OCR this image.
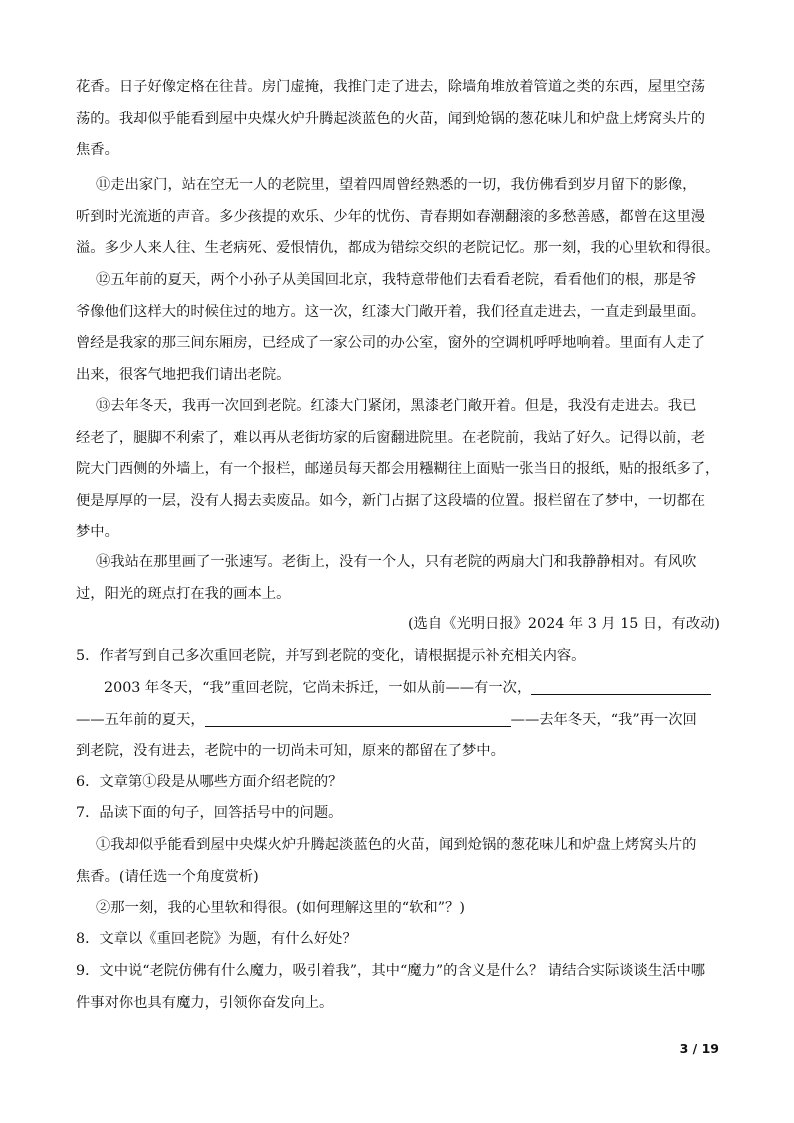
花香。日子好像定格在往昔。房门虚掩，我推门走了进去，除墙角堆放着管道之类的东西，屋里空荡
荡的。我却似乎能看到屋中央煤火炉升腾起淡蓝色的火苗，闻到炝锅的葱花味儿和炉盘上烤窝头片的
焦香。
⑪走出家门，站在空无一人的老院里，望着四周曾经熟悉的一切，我仿佛看到岁月留下的影像，
听到时光流逝的声音。多少孩提的欢乐、少年的忧伤、青春期如春潮翻滚的多愁善感，都曾在这里漫
溢。多少人来人往、生老病死、爱恨情仇，都成为错综交织的老院记忆。那一刻，我的心里软和得很。
⑫五年前的夏天，两个小孙子从美国回北京，我特意带他们去看看老院，看看他们的根，那是爷
爷像他们这样大的时候住过的地方。这一次，红漆大门敞开着，我们径直走进去，一直走到最里面。
曾经是我家的那三间东厢房，已经成了一家公司的办公室，窗外的空调机呼呼地响着。里面有人走了
出来，很客气地把我们请出老院。
⑬去年冬天，我再一次回到老院。红漆大门紧闭，黑漆老门敞开着。但是，我没有走进去。我已
经老了，腿脚不利索了，难以再从老街坊家的后窗翻进院里。在老院前，我站了好久。记得以前，老
院大门西侧的外墙上，有一个报栏，邮递员每天都会用糨糊往上面贴一张当日的报纸，贴的报纸多了，
便是厚厚的一层，没有人揭去卖废品。如今，新门占据了这段墙的位置。报栏留在了梦中，一切都在
梦中。
⑭我站在那里画了一张速写。老街上，没有一个人，只有老院的两扇大门和我静静相对。有风吹
过，阳光的斑点打在我的画本上。
(选自《光明日报》2024 年 3 月 15 日，有改动)
5．作者写到自己多次重回老院，并写到老院的变化，请根据提示补充相关内容。
2003 年冬天，“我”重回老院，它尚未拆迁，一如从前——有一次，
——五年前的夏天，	——去年冬天，“我”再一次回
到老院，没有进去，老院中的一切尚未可知，原来的都留在了梦中。
6．文章第①段是从哪些方面介绍老院的？
7．品读下面的句子，回答括号中的问题。
①我却似乎能看到屋中央煤火炉升腾起淡蓝色的火苗，闻到炝锅的葱花味儿和炉盘上烤窝头片的
焦香。(请任选一个角度赏析)
②那一刻，我的心里软和得很。(如何理解这里的“软和”？)
8．文章以《重回老院》为题，有什么好处？
9．文中说“老院仿佛有什么魔力，吸引着我”，其中“魔力”的含义是什么？ 请结合实际谈谈生活中哪
件事对你也具有魔力，引领你奋发向上。
3 / 19
